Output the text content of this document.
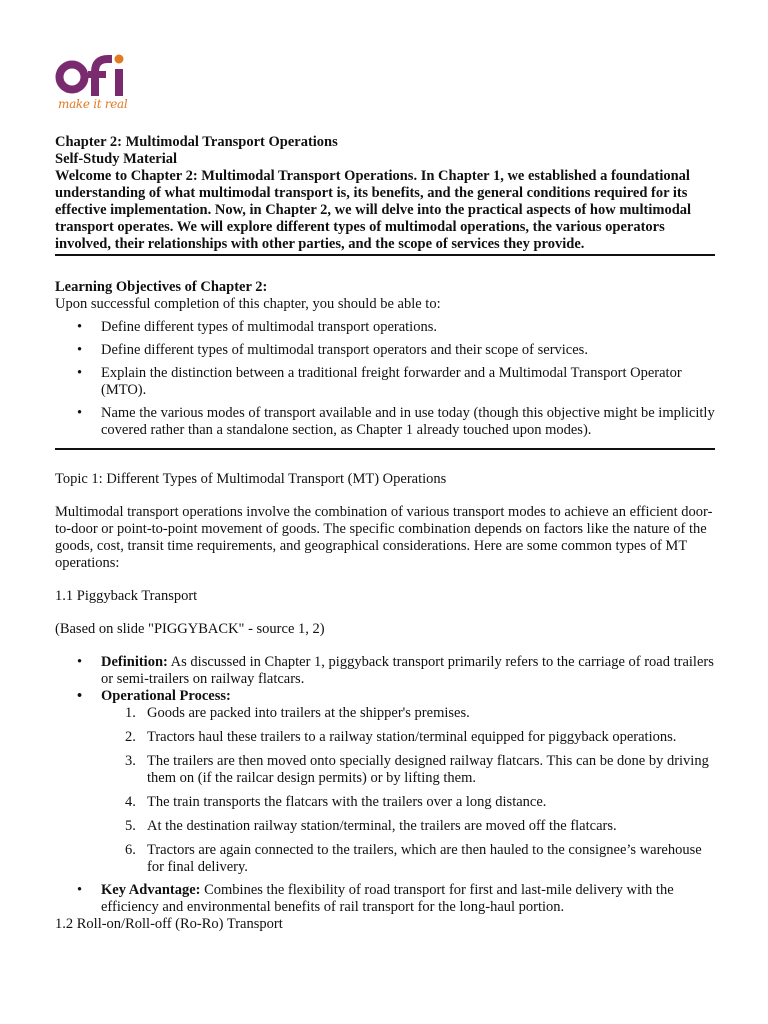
make it real

Chapter 2: Multimodal Transport Operations

Self-Study Material

Welcome to Chapter 2: Multimodal Transport Operations. In Chapter 1, we established a foundational understanding of what multimodal transport is, its benefits, and the general conditions required for its effective implementation. Now, in Chapter 2, we will delve into the practical aspects of how multimodal transport operates. We will explore different types of multimodal operations, the various operators involved, their relationships with other parties, and the scope of services they provide.

Learning Objectives of Chapter 2:

Upon successful completion of this chapter, you should be able to:

• Define different types of multimodal transport operations.

• Define different types of multimodal transport operators and their scope of services.

• Explain the distinction between a traditional freight forwarder and a Multimodal Transport Operator (MTO).

• Name the various modes of transport available and in use today (though this objective might be implicitly covered rather than a standalone section, as Chapter 1 already touched upon modes).

Topic 1: Different Types of Multimodal Transport (MT) Operations

Multimodal transport operations involve the combination of various transport modes to achieve an efficient door-to-door or point-to-point movement of goods. The specific combination depends on factors like the nature of the goods, cost, transit time requirements, and geographical considerations. Here are some common types of MT operations:

1.1 Piggyback Transport

(Based on slide "PIGGYBACK" - source 1, 2)

• Definition: As discussed in Chapter 1, piggyback transport primarily refers to the carriage of road trailers or semi-trailers on railway flatcars.

• Operational Process:

1. Goods are packed into trailers at the shipper's premises.

2. Tractors haul these trailers to a railway station/terminal equipped for piggyback operations.

3. The trailers are then moved onto specially designed railway flatcars. This can be done by driving them on (if the railcar design permits) or by lifting them.

4. The train transports the flatcars with the trailers over a long distance.

5. At the destination railway station/terminal, the trailers are moved off the flatcars.

6. Tractors are again connected to the trailers, which are then hauled to the consignee’s warehouse for final delivery.

• Key Advantage: Combines the flexibility of road transport for first and last-mile delivery with the efficiency and environmental benefits of rail transport for the long-haul portion.

1.2 Roll-on/Roll-off (Ro-Ro) Transport
